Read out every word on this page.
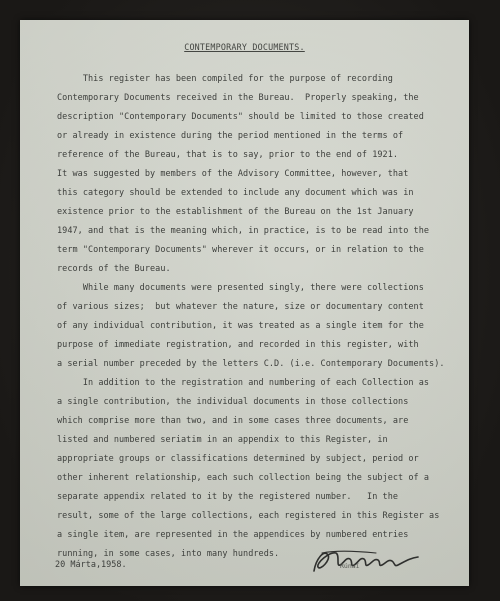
CONTEMPORARY DOCUMENTS.
This register has been compiled for the purpose of recording
Contemporary Documents received in the Bureau.  Properly speaking, the
description "Contemporary Documents" should be limited to those created
or already in existence during the period mentioned in the terms of
reference of the Bureau, that is to say, prior to the end of 1921.
It was suggested by members of the Advisory Committee, however, that
this category should be extended to include any document which was in
existence prior to the establishment of the Bureau on the 1st January
1947, and that is the meaning which, in practice, is to be read into the
term "Contemporary Documents" wherever it occurs, or in relation to the
records of the Bureau.
While many documents were presented singly, there were collections
of various sizes;  but whatever the nature, size or documentary content
of any individual contribution, it was treated as a single item for the
purpose of immediate registration, and recorded in this register, with
a serial number preceded by the letters C.D. (i.e. Contemporary Documents).
In addition to the registration and numbering of each Collection as
a single contribution, the individual documents in those collections
which comprise more than two, and in some cases three documents, are
listed and numbered seriatim in an appendix to this Register, in
appropriate groups or classifications determined by subject, period or
other inherent relationship, each such collection being the subject of a
separate appendix related to it by the registered number.   In the
result, some of the large collections, each registered in this Register as
a single item, are represented in the appendices by numbered entries
running, in some cases, into many hundreds.
Rúnaí
20 Márta,1958.
